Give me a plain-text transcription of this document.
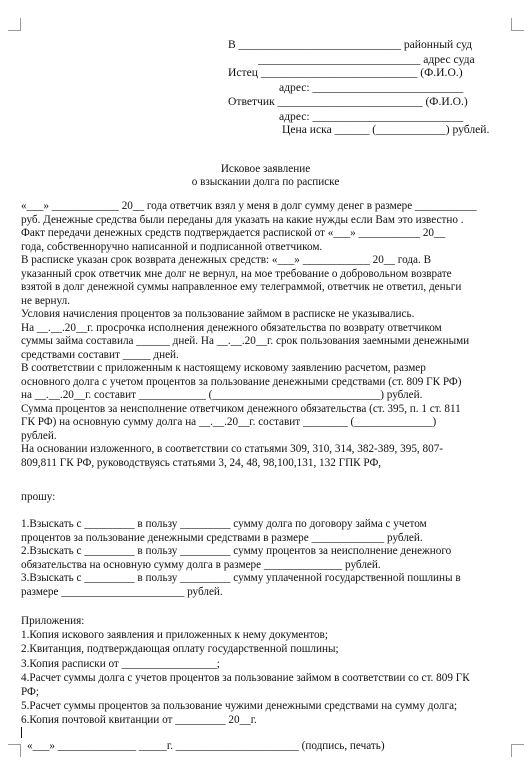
В ____________________________ районный суд
____________________________ адрес суда
Истец ___________________________ (Ф.И.О.)
адрес: __________________________
Ответчик _________________________ (Ф.И.О.)
адрес: __________________________
Цена иска ______ (____________) рублей.
Исковое заявление
о взыскании долга по расписке
«___» ____________ 20__ года ответчик взял у меня в долг сумму денег в размере ___________
руб. Денежные средства были переданы для указать на какие нужды если Вам это известно .
Факт передачи денежных средств подтверждается распиской от «___» ___________ 20__
года, собственноручно написанной и подписанной ответчиком.
В расписке указан срок возврата денежных средств: «___» ____________ 20__ года. В
указанный срок ответчик мне долг не вернул, на мое требование о добровольном возврате
взятой в долг денежной суммы направленное ему телеграммой, ответчик не ответил, деньги
не вернул.
Условия начисления процентов за пользование займом в расписке не указывались.
На __.__.20__г. просрочка исполнения денежного обязательства по возврату ответчиком
суммы займа составила ______ дней. На __.__.20__г. срок пользования заемными денежными
средствами составит _____ дней.
В соответствии с приложенным к настоящему исковому заявлению расчетом, размер
основного долга с учетом процентов за пользование денежными средствами (ст. 809 ГК РФ)
на __.__.20__г. составит ____________ (______________________________) рублей.
Сумма процентов за неисполнение ответчиком денежного обязательства (ст. 395, п. 1 ст. 811
ГК РФ) на основную сумму долга на __.__.20__г. составит ________ (______________)
рублей.
На основании изложенного, в соответствии со статьями 309, 310, 314, 382-389, 395, 807-
809,811 ГК РФ, руководствуясь статьями 3, 24, 48, 98,100,131, 132 ГПК РФ,
прошу:
1.Взыскать с _________ в пользу _________ сумму долга по договору займа с учетом
процентов за пользование денежными средствами в размере _____________ рублей.
2.Взыскать с _________ в пользу _________ сумму процентов за неисполнение денежного
обязательства на основную сумму долга в размере ______________ рублей.
3.Взыскать с _________ в пользу _________ сумму уплаченной государственной пошлины в
размере ______________________ рублей.
Приложения:
1.Копия искового заявления и приложенных к нему документов;
2.Квитанция, подтверждающая оплату государственной пошлины;
3.Копия расписки от _________________;
4.Расчет суммы долга с учетов процентов за пользование займом в соответствии со ст. 809 ГК
РФ;
5.Расчет суммы процентов за пользование чужими денежными средствами на сумму долга;
6.Копия почтовой квитанции от _________ 20__г.
«___» ______________ _____г. ______________________ (подпись, печать)
